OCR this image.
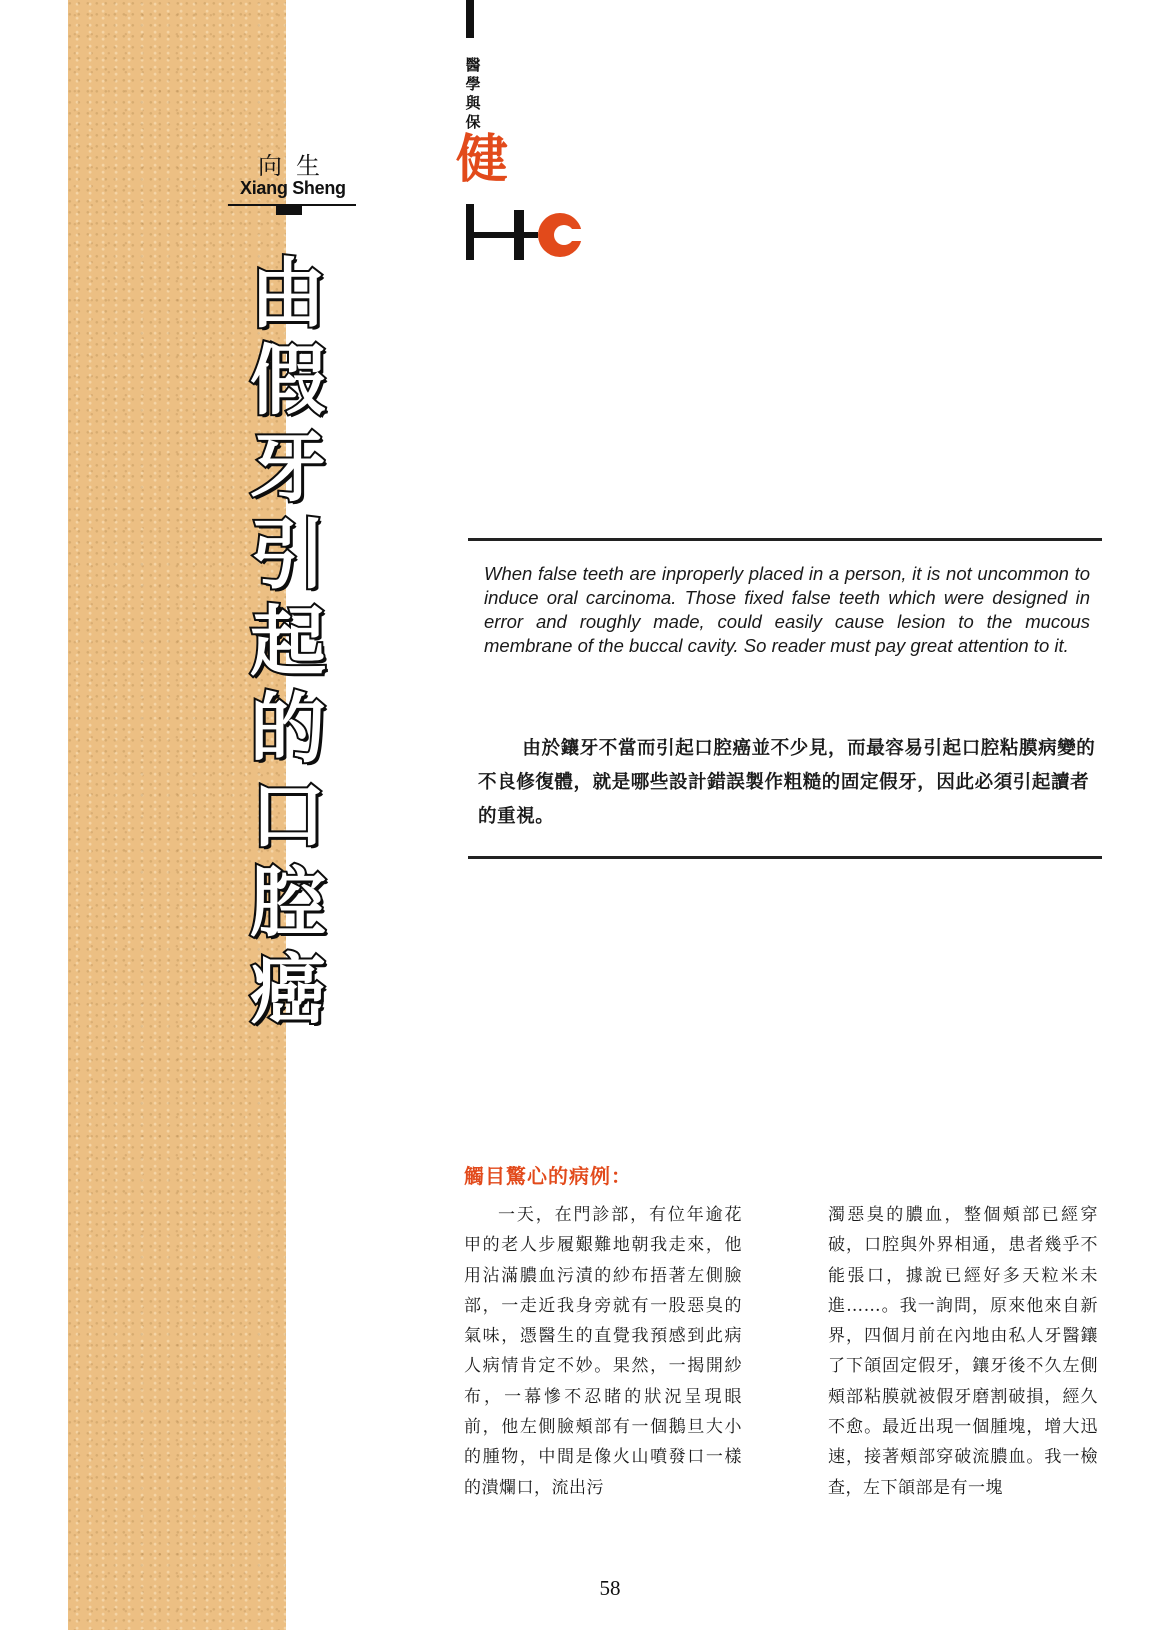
醫學與保
健
向生
Xiang Sheng
由
假
牙
引
起
的
口
腔
癌
When false teeth are inproperly placed in a person, it is not uncommon to induce oral carcinoma. Those fixed false teeth which were designed in error and roughly made, could easily cause lesion to the mucous membrane of the buccal cavity. So reader must pay great attention to it.
由於鑲牙不當而引起口腔癌並不少見，而最容易引起口腔粘膜病變的不良修復體，就是哪些設計錯誤製作粗糙的固定假牙，因此必須引起讀者的重視。
觸目驚心的病例：
一天，在門診部，有位年逾花甲的老人步履艱難地朝我走來，他用沾滿膿血污漬的紗布捂著左側臉部，一走近我身旁就有一股惡臭的氣味，憑醫生的直覺我預感到此病人病情肯定不妙。果然，一揭開紗布，一幕慘不忍睹的狀況呈現眼前，他左側臉頰部有一個鵝旦大小的腫物，中間是像火山噴發口一樣的潰爛口，流出污
濁惡臭的膿血，整個頰部已經穿破，口腔與外界相通，患者幾乎不能張口，據說已經好多天粒米未進……。我一詢問，原來他來自新界，四個月前在內地由私人牙醫鑲了下頜固定假牙，鑲牙後不久左側頰部粘膜就被假牙磨割破損，經久不愈。最近出現一個腫塊，增大迅速，接著頰部穿破流膿血。我一檢查，左下頜部是有一塊
58
